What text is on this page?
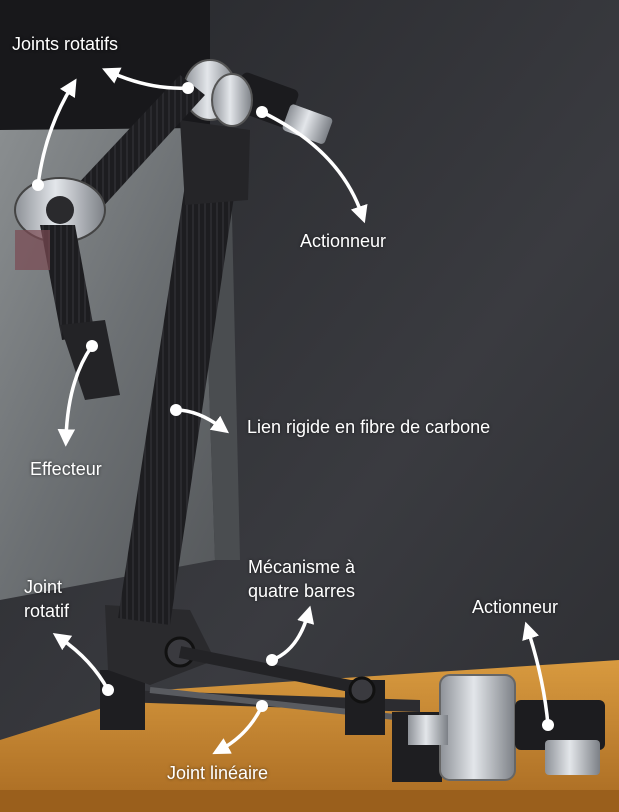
Joints rotatifs
Actionneur
Lien rigide en fibre de carbone
Effecteur
Mécanisme à
quatre barres
Joint
rotatif	Actionneur
Joint linéaire
